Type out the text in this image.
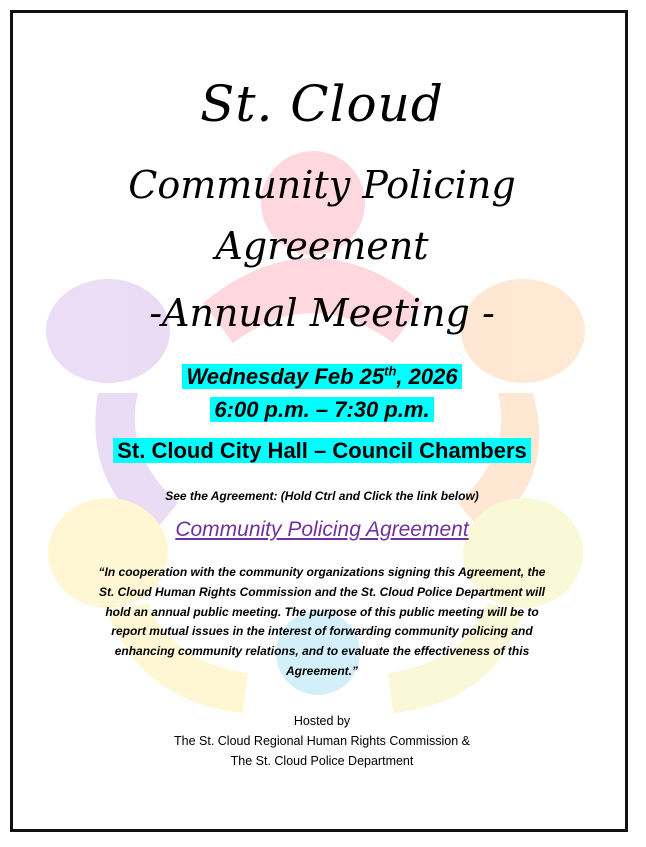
St. Cloud
Community Policing
Agreement
-Annual Meeting -
Wednesday Feb 25th, 2026
6:00 p.m. – 7:30 p.m.
St. Cloud City Hall – Council Chambers
See the Agreement: (Hold Ctrl and Click the link below)
Community Policing Agreement
“In cooperation with the community organizations signing this Agreement, the St. Cloud Human Rights Commission and the St. Cloud Police Department will hold an annual public meeting. The purpose of this public meeting will be to report mutual issues in the interest of forwarding community policing and enhancing community relations, and to evaluate the effectiveness of this Agreement.”
Hosted by
The St. Cloud Regional Human Rights Commission &
The St. Cloud Police Department
